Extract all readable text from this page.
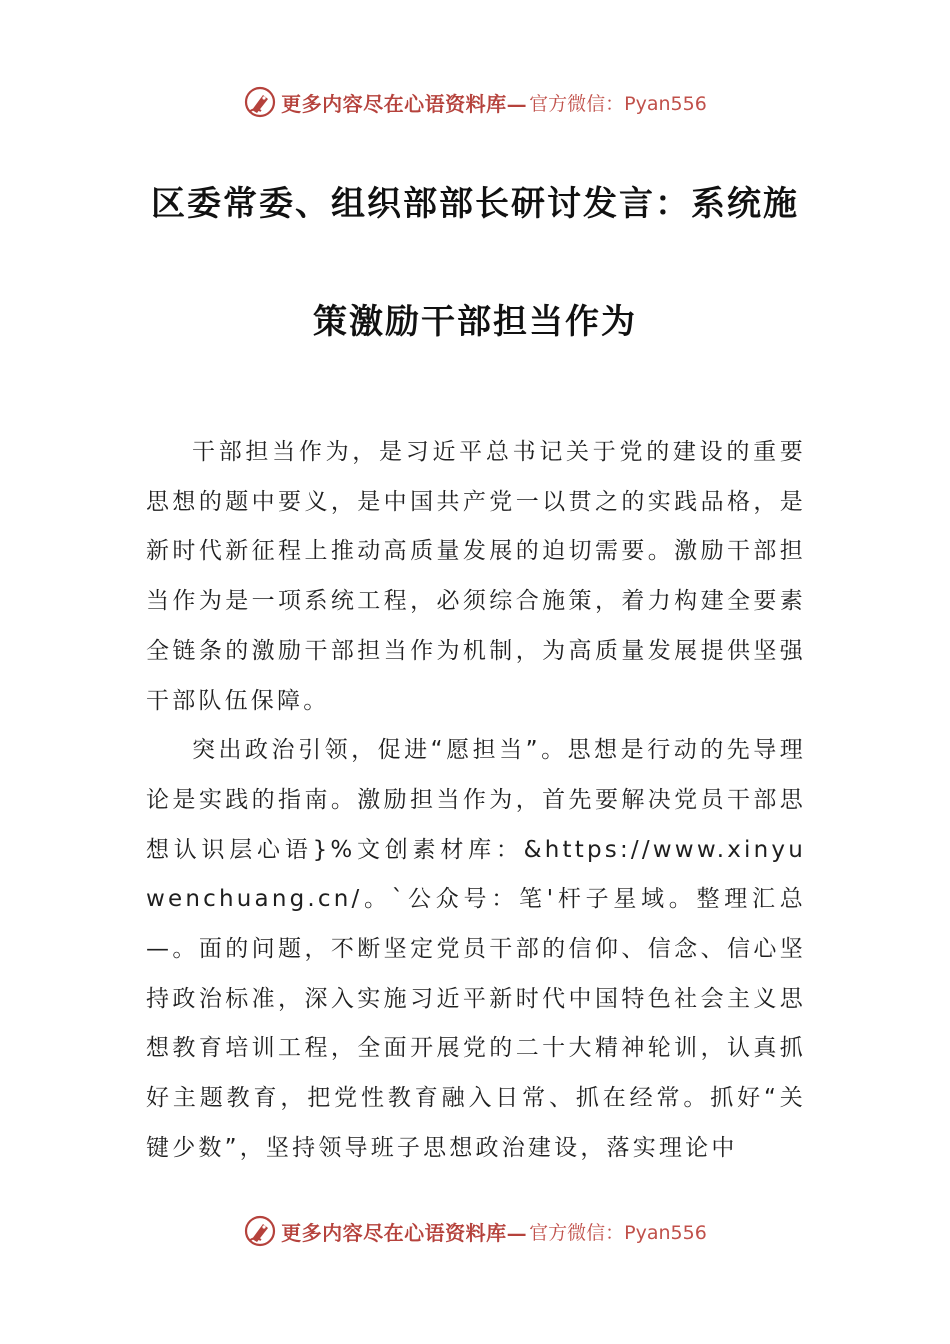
更多内容尽在心语资料库— 官方微信：Pyan556
区委常委、组织部部长研讨发言：系统施
策激励干部担当作为

干部担当作为，是习近平总书记关于党的建设的重要思想的题中要义，是中国共产党一以贯之的实践品格，是新时代新征程上推动高质量发展的迫切需要。激励干部担当作为是一项系统工程，必须综合施策，着力构建全要素全链条的激励干部担当作为机制，为高质量发展提供坚强干部队伍保障。

突出政治引领，促进“愿担当”。思想是行动的先导理论是实践的指南。激励担当作为，首先要解决党员干部思想认识层心语}%文创素材库：&https://www.xinyuwenchuang.cn/。`公众号：笔'杆子星域。整理汇总—。面的问题，不断坚定党员干部的信仰、信念、信心坚持政治标准，深入实施习近平新时代中国特色社会主义思想教育培训工程，全面开展党的二十大精神轮训，认真抓好主题教育，把党性教育融入日常、抓在经常。抓好“关键少数”，坚持领导班子思想政治建设，落实理论中

更多内容尽在心语资料库— 官方微信：Pyan556
